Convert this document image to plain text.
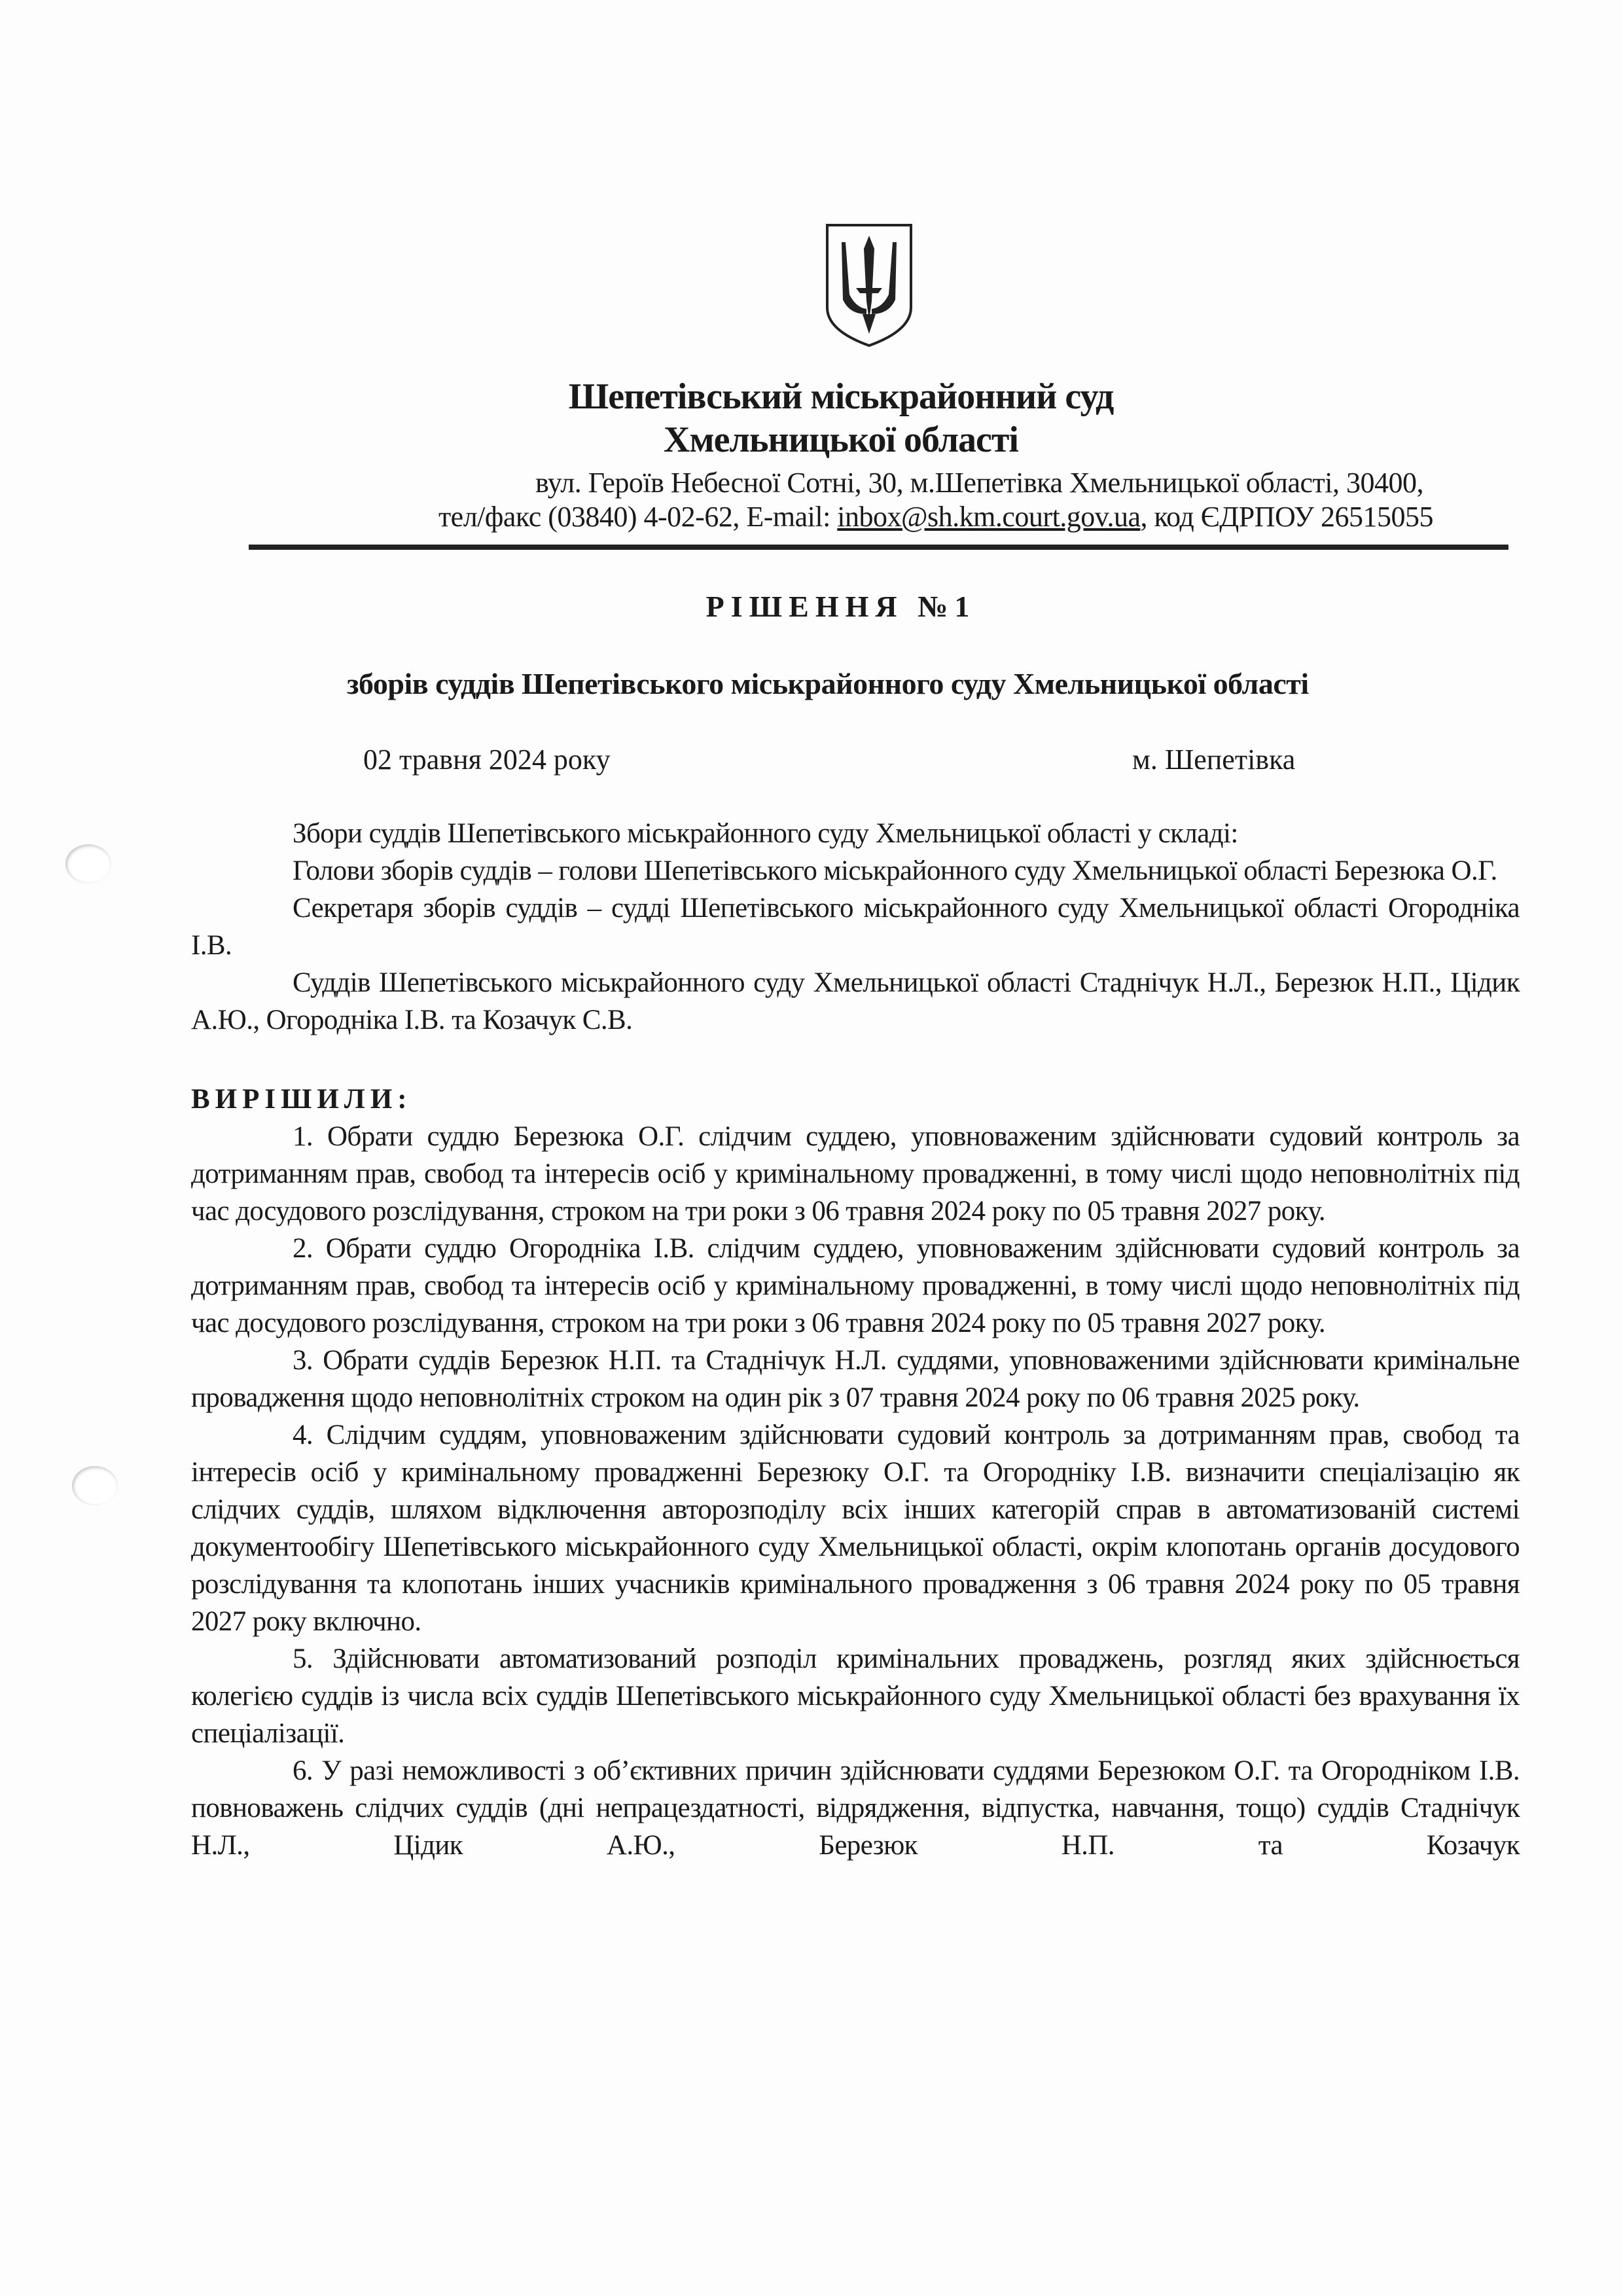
Шепетівський міськрайонний суд
Хмельницької області
вул. Героїв Небесної Сотні, 30, м.Шепетівка Хмельницької області, 30400,
тел/факс (03840) 4-02-62, E-mail: inbox@sh.km.court.gov.ua, код ЄДРПОУ 26515055
РІШЕННЯ №1
зборів суддів Шепетівського міськрайонного суду Хмельницької області
02 травня 2024 року	м. Шепетівка

Збори суддів Шепетівського міськрайонного суду Хмельницької області у складі:

Голови зборів суддів – голови Шепетівського міськрайонного суду Хмельницької області Березюка О.Г.

Секретаря зборів суддів – судді Шепетівського міськрайонного суду Хмельницької області Огородніка І.В.

Суддів Шепетівського міськрайонного суду Хмельницької області Стаднічук Н.Л., Березюк Н.П., Цідик А.Ю., Огородніка І.В. та Козачук С.В.

ВИРІШИЛИ:

1. Обрати суддю Березюка О.Г. слідчим суддею, уповноваженим здійснювати судовий контроль за дотриманням прав, свобод та інтересів осіб у кримінальному провадженні, в тому числі щодо неповнолітніх під час досудового розслідування, строком на три роки з 06 травня 2024 року по 05 травня 2027 року.

2. Обрати суддю Огородніка І.В. слідчим суддею, уповноваженим здійснювати судовий контроль за дотриманням прав, свобод та інтересів осіб у кримінальному провадженні, в тому числі щодо неповнолітніх під час досудового розслідування, строком на три роки з 06 травня 2024 року по 05 травня 2027 року.

3. Обрати суддів Березюк Н.П. та Стаднічук Н.Л. суддями, уповноваженими здійснювати кримінальне провадження щодо неповнолітніх строком на один рік з 07 травня 2024 року по 06 травня 2025 року.

4. Слідчим суддям, уповноваженим здійснювати судовий контроль за дотриманням прав, свобод та інтересів осіб у кримінальному провадженні Березюку О.Г. та Огороднiку І.В. визначити спеціалізацію як слідчих суддів, шляхом відключення авторозподілу всіх інших категорій справ в автоматизованій системі документообігу Шепетівського міськрайонного суду Хмельницької області, окрім клопотань органів досудового розслідування та клопотань інших учасників кримінального провадження з 06 травня 2024 року по 05 травня 2027 року включно.

5. Здійснювати автоматизований розподіл кримінальних проваджень, розгляд яких здійснюється колегією суддів із числа всіх суддів Шепетівського міськрайонного суду Хмельницької області без врахування їх спеціалізації.

6. У разі неможливості з об’єктивних причин здійснювати суддями Березюком О.Г. та Огородніком І.В. повноважень слідчих суддів (дні непрацездатності, відрядження, відпустка, навчання, тощо) суддів Стаднічук Н.Л., Цідик А.Ю., Березюк Н.П. та Козачук
